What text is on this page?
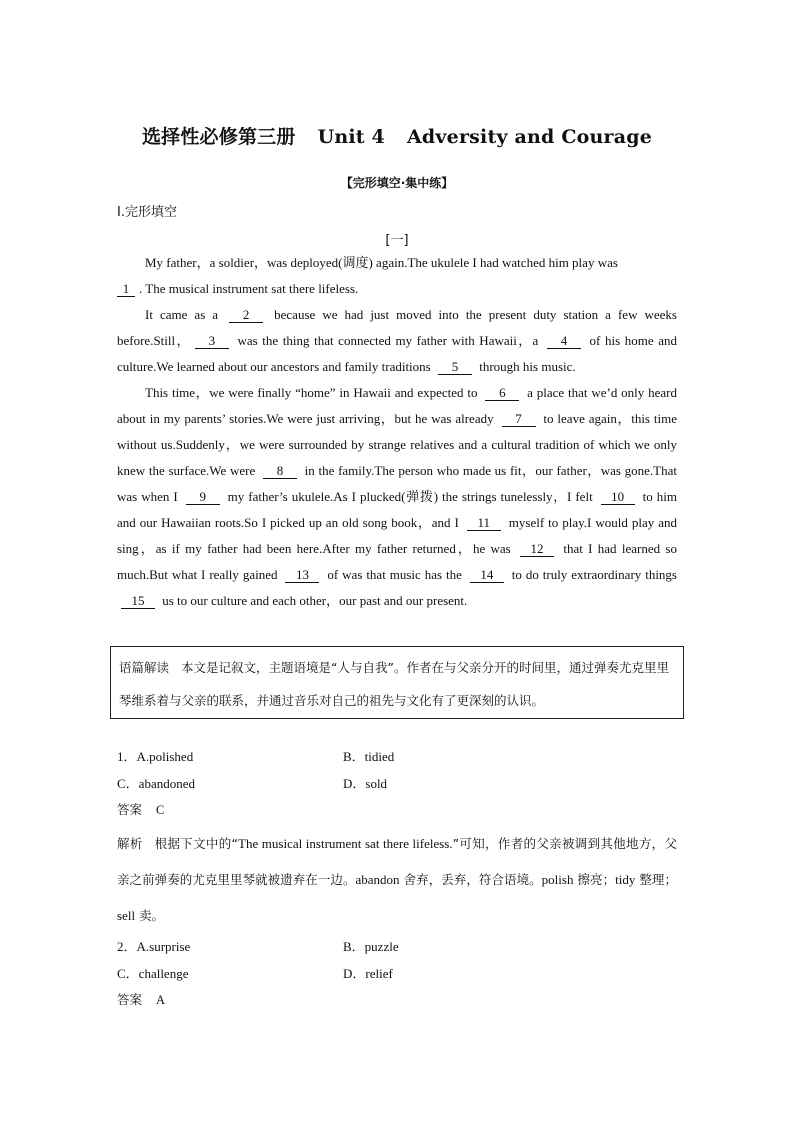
选择性必修第三册 Unit 4 Adversity and Courage
【完形填空·集中练】
Ⅰ.完形填空
[一]

My father，a soldier，was deployed(调度) again.The ukulele I had watched him play was
1 . The musical instrument sat there lifeless.

It came as a 2 because we had just moved into the present duty station a few weeks before.Still， 3 was the thing that connected my father with Hawaii，a 4 of his home and culture.We learned about our ancestors and family traditions 5 through his music.

This time，we were finally “home” in Hawaii and expected to 6 a place that we’d only heard about in my parents’ stories.We were just arriving，but he was already 7 to leave again，this time without us.Suddenly，we were surrounded by strange relatives and a cultural tradition of which we only knew the surface.We were 8 in the family.The person who made us fit，our father，was gone.That was when I 9 my father’s ukulele.As I plucked(弹拨) the strings tunelessly，I felt 10 to him and our Hawaiian roots.So I picked up an old song book，and I 11 myself to play.I would play and sing，as if my father had been here.After my father returned，he was 12 that I had learned so much.But what I really gained 13 of was that music has the 14 to do truly extraordinary things 15 us to our culture and each other，our past and our present.

语篇解读 本文是记叙文，主题语境是“人与自我”。作者在与父亲分开的时间里，通过弹奏尤克里里琴维系着与父亲的联系，并通过音乐对自己的祖先与文化有了更深刻的认识。
1．A.polished	B．tidied
C．abandoned	D．sold
答案 C
解析 根据下文中的“The musical instrument sat there lifeless.”可知，作者的父亲被调到其他地方，父亲之前弹奏的尤克里里琴就被遗弃在一边。abandon 舍弃，丢弃，符合语境。polish 擦亮；tidy 整理；sell 卖。
2．A.surprise	B．puzzle
C．challenge	D．relief
答案 A
